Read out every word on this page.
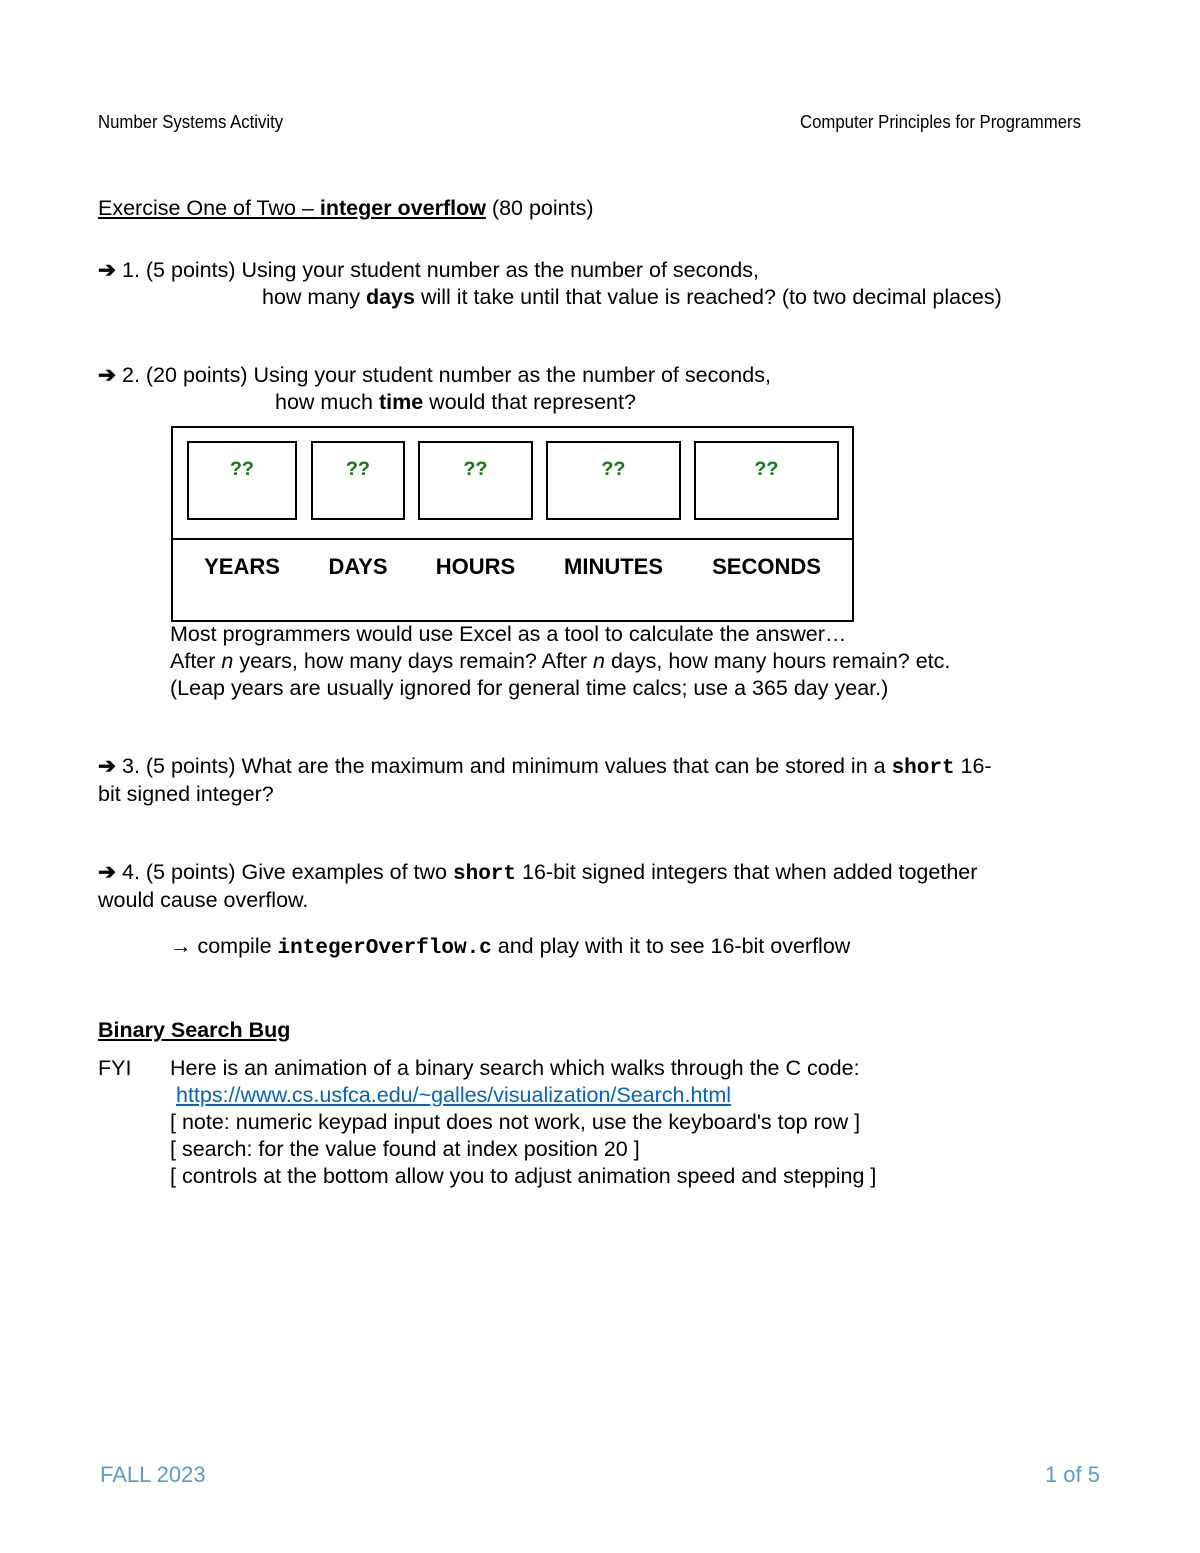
Number Systems Activity	Computer Principles for Programmers
Exercise One of Two – integer overflow (80 points)
➔ 1. (5 points) Using your student number as the number of seconds,
how many days will it take until that value is reached? (to two decimal places)
➔ 2. (20 points) Using your student number as the number of seconds,
how much time would that represent?
??	??	??	??	??
YEARS	DAYS	HOURS	MINUTES	SECONDS
Most programmers would use Excel as a tool to calculate the answer…
After n years, how many days remain? After n days, how many hours remain? etc.
(Leap years are usually ignored for general time calcs; use a 365 day year.)
➔ 3. (5 points) What are the maximum and minimum values that can be stored in a short 16-
bit signed integer?
➔ 4. (5 points) Give examples of two short 16-bit signed integers that when added together
would cause overflow.
→ compile integerOverflow.c and play with it to see 16-bit overflow
Binary Search Bug
FYI Here is an animation of a binary search which walks through the C code:
https://www.cs.usfca.edu/~galles/visualization/Search.html
[ note: numeric keypad input does not work, use the keyboard's top row ]
[ search: for the value found at index position 20 ]
[ controls at the bottom allow you to adjust animation speed and stepping ]
FALL 2023	1 of 5
